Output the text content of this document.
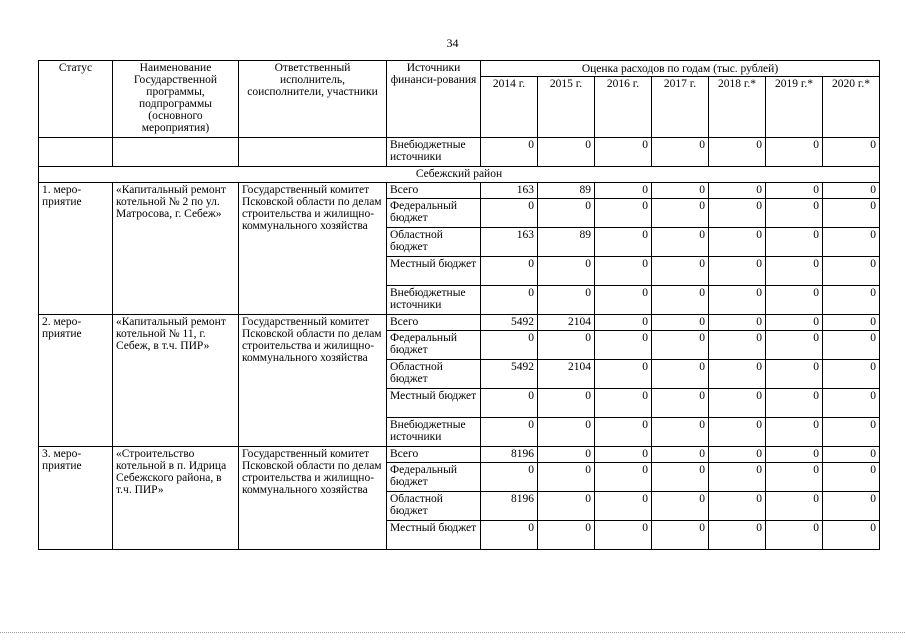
34
Статус	Наименование Государственной программы, подпрограммы (основного мероприятия)	Ответственный исполнитель, соисполнители, участники	Источники финанси-рования	Оценка расходов по годам (тыс. рублей)						
				2014 г.	2015 г.	2016 г.	2017 г.	2018 г.*	2019 г.*	2020 г.*
			Внебюджетные источники	0	0	0	0	0	0	0
Себежский район										
1. меро-приятие	«Капитальный ремонт котельной № 2 по ул. Матросова, г. Себеж»	Государственный комитет Псковской области по делам строительства и жилищно-коммунального хозяйства	Всего	163	89	0	0	0	0	0
			Федеральный бюджет	0	0	0	0	0	0	0
			Областной бюджет	163	89	0	0	0	0	0
			Местный бюджет	0	0	0	0	0	0	0
			Внебюджетные источники	0	0	0	0	0	0	0
2. меро-приятие	«Капитальный ремонт котельной № 11, г. Себеж, в т.ч. ПИР»	Государственный комитет Псковской области по делам строительства и жилищно-коммунального хозяйства	Всего	5492	2104	0	0	0	0	0
			Федеральный бюджет	0	0	0	0	0	0	0
			Областной бюджет	5492	2104	0	0	0	0	0
			Местный бюджет	0	0	0	0	0	0	0
			Внебюджетные источники	0	0	0	0	0	0	0
3. меро-приятие	«Строительство котельной в п. Идрица Себежского района, в т.ч. ПИР»	Государственный комитет Псковской области по делам строительства и жилищно-коммунального хозяйства	Всего	8196	0	0	0	0	0	0
			Федеральный бюджет	0	0	0	0	0	0	0
			Областной бюджет	8196	0	0	0	0	0	0
			Местный бюджет	0	0	0	0	0	0	0
